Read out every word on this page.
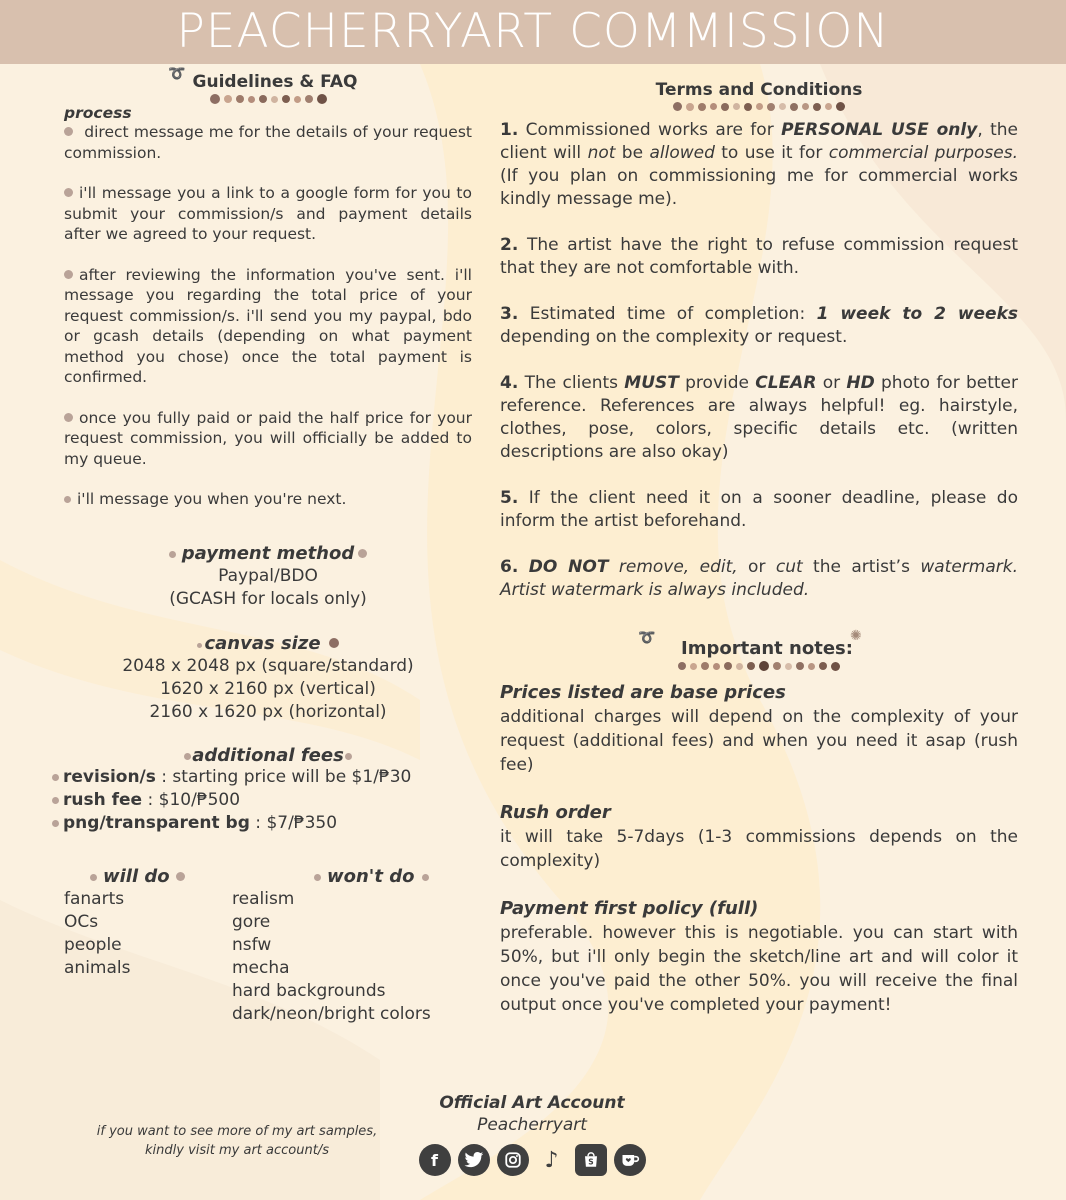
PEACHERRYART COMMISSION
➰ Guidelines & FAQ
process

direct message me for the details of your request commission.

i'll message you a link to a google form for you to submit your commission/s and payment details after we agreed to your request.

after reviewing the information you've sent. i'll message you regarding the total price of your request commission/s. i'll send you my paypal, bdo or gcash details (depending on what payment method you chose) once the total payment is confirmed.

once you fully paid or paid the half price for your request commission, you will officially be added to my queue.

i'll message you when you're next.

payment method
Paypal/BDO
(GCASH for locals only)
canvas size
2048 x 2048 px (square/standard)
1620 x 2160 px (vertical)
2160 x 1620 px (horizontal)
additional fees
revision/s : starting price will be $1/₱30
rush fee : $10/₱500
png/transparent bg : $7/₱350
will do
fanarts
OCs
people
animals
won't do
realism
gore
nsfw
mecha
hard backgrounds
dark/neon/bright colors
Terms and Conditions

1. Commissioned works are for PERSONAL USE only, the client will not be allowed to use it for commercial purposes. (If you plan on commissioning me for commercial works kindly message me).

2. The artist have the right to refuse commission request that they are not comfortable with.

3. Estimated time of completion: 1 week to 2 weeks depending on the complexity or request.

4. The clients MUST provide CLEAR or HD photo for better reference. References are always helpful! eg. hairstyle, clothes, pose, colors, specific details etc. (written descriptions are also okay)

5. If the client need it on a sooner deadline, please do inform the artist beforehand.

6. DO NOT remove, edit, or cut the artist’s watermark. Artist watermark is always included.

➰ Important notes:
✺
Prices listed are base prices
additional charges will depend on the complexity of your request (additional fees) and when you need it asap (rush fee)
Rush order
it will take 5-7days (1-3 commissions depends on the complexity)
Payment first policy (full)
preferable. however this is negotiable. you can start with 50%, but i'll only begin the sketch/line art and will color it once you've paid the other 50%. you will receive the final output once you've completed your payment!
if you want to see more of my art samples, kindly visit my art account/s
Official Art Account
Peacherryart
f	♪	S
